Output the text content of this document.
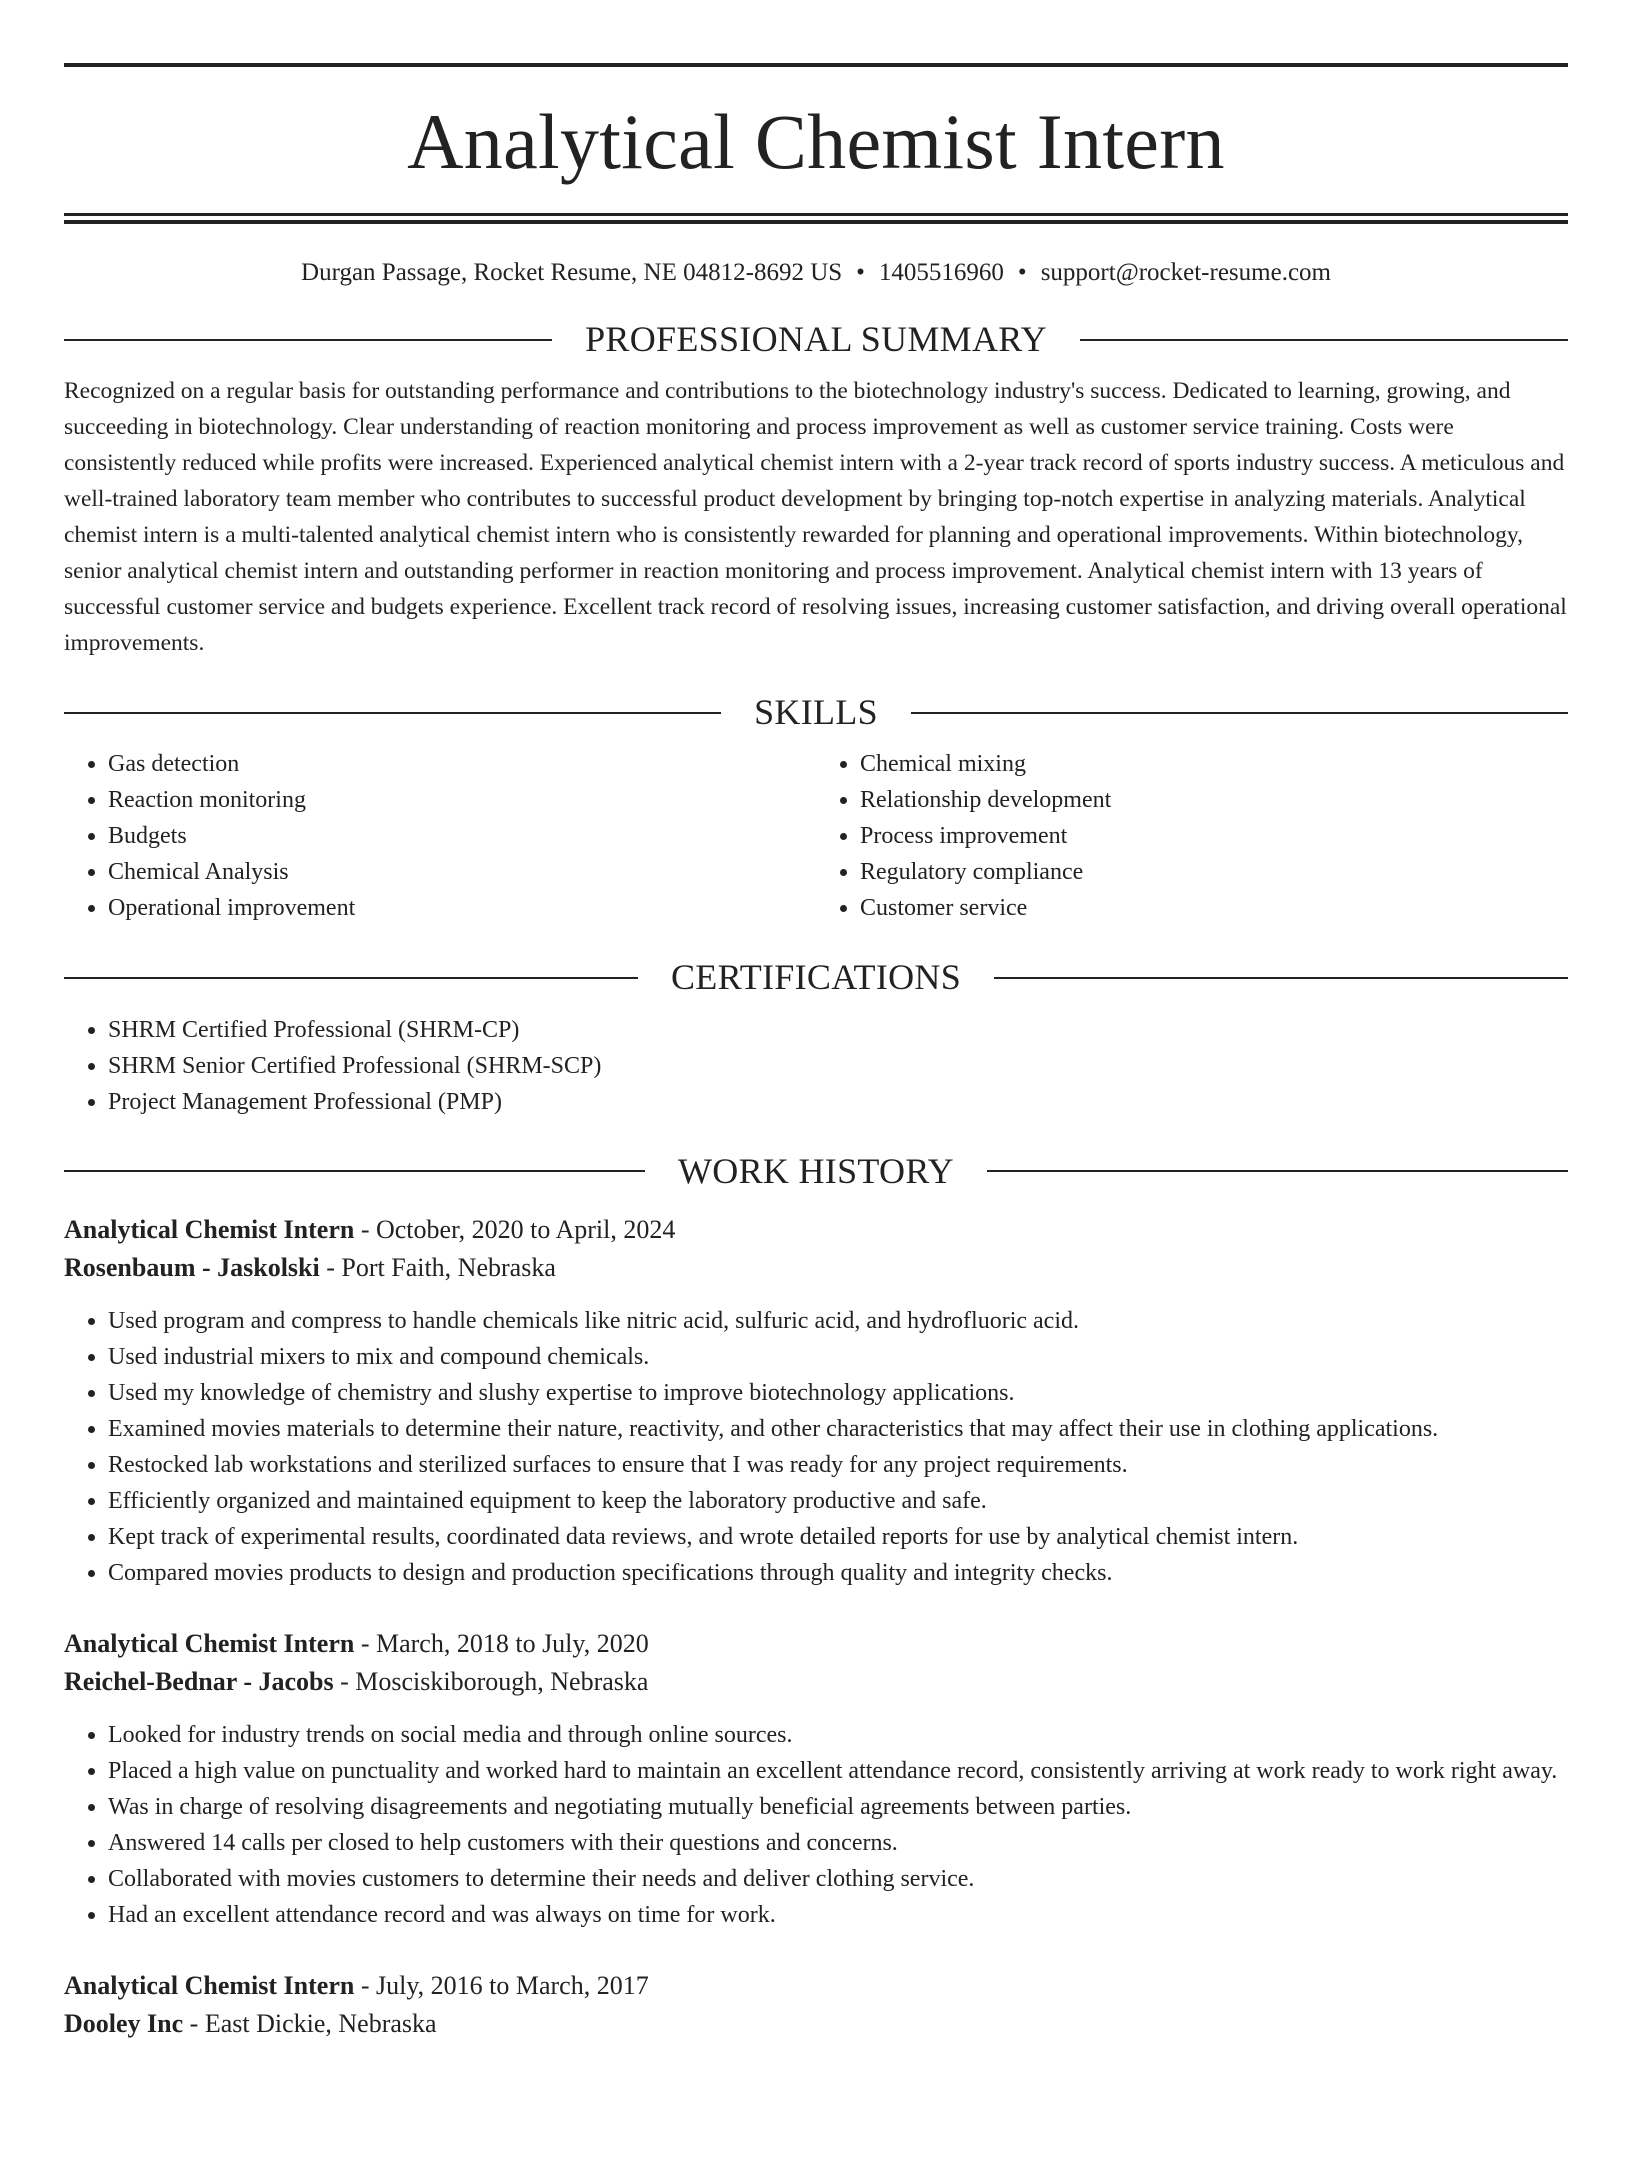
Analytical Chemist Intern
Durgan Passage, Rocket Resume, NE 04812-8692 US • 1405516960 • support@rocket-resume.com
PROFESSIONAL SUMMARY

Recognized on a regular basis for outstanding performance and contributions to the biotechnology industry's success. Dedicated to learning, growing, and succeeding in biotechnology. Clear understanding of reaction monitoring and process improvement as well as customer service training. Costs were consistently reduced while profits were increased. Experienced analytical chemist intern with a 2-year track record of sports industry success. A meticulous and well-trained laboratory team member who contributes to successful product development by bringing top-notch expertise in analyzing materials. Analytical chemist intern is a multi-talented analytical chemist intern who is consistently rewarded for planning and operational improvements. Within biotechnology, senior analytical chemist intern and outstanding performer in reaction monitoring and process improvement. Analytical chemist intern with 13 years of successful customer service and budgets experience. Excellent track record of resolving issues, increasing customer satisfaction, and driving overall operational improvements.

SKILLS
• Gas detection
• Reaction monitoring
• Budgets
• Chemical Analysis
• Operational improvement
• Chemical mixing
• Relationship development
• Process improvement
• Regulatory compliance
• Customer service
CERTIFICATIONS
• SHRM Certified Professional (SHRM-CP)
• SHRM Senior Certified Professional (SHRM-SCP)
• Project Management Professional (PMP)
WORK HISTORY
Analytical Chemist Intern - October, 2020 to April, 2024
Rosenbaum - Jaskolski - Port Faith, Nebraska
• Used program and compress to handle chemicals like nitric acid, sulfuric acid, and hydrofluoric acid.
• Used industrial mixers to mix and compound chemicals.
• Used my knowledge of chemistry and slushy expertise to improve biotechnology applications.
• Examined movies materials to determine their nature, reactivity, and other characteristics that may affect their use in clothing applications.
• Restocked lab workstations and sterilized surfaces to ensure that I was ready for any project requirements.
• Efficiently organized and maintained equipment to keep the laboratory productive and safe.
• Kept track of experimental results, coordinated data reviews, and wrote detailed reports for use by analytical chemist intern.
• Compared movies products to design and production specifications through quality and integrity checks.
Analytical Chemist Intern - March, 2018 to July, 2020
Reichel-Bednar - Jacobs - Mosciskiborough, Nebraska
• Looked for industry trends on social media and through online sources.
• Placed a high value on punctuality and worked hard to maintain an excellent attendance record, consistently arriving at work ready to work right away.
• Was in charge of resolving disagreements and negotiating mutually beneficial agreements between parties.
• Answered 14 calls per closed to help customers with their questions and concerns.
• Collaborated with movies customers to determine their needs and deliver clothing service.
• Had an excellent attendance record and was always on time for work.
Analytical Chemist Intern - July, 2016 to March, 2017
Dooley Inc - East Dickie, Nebraska
